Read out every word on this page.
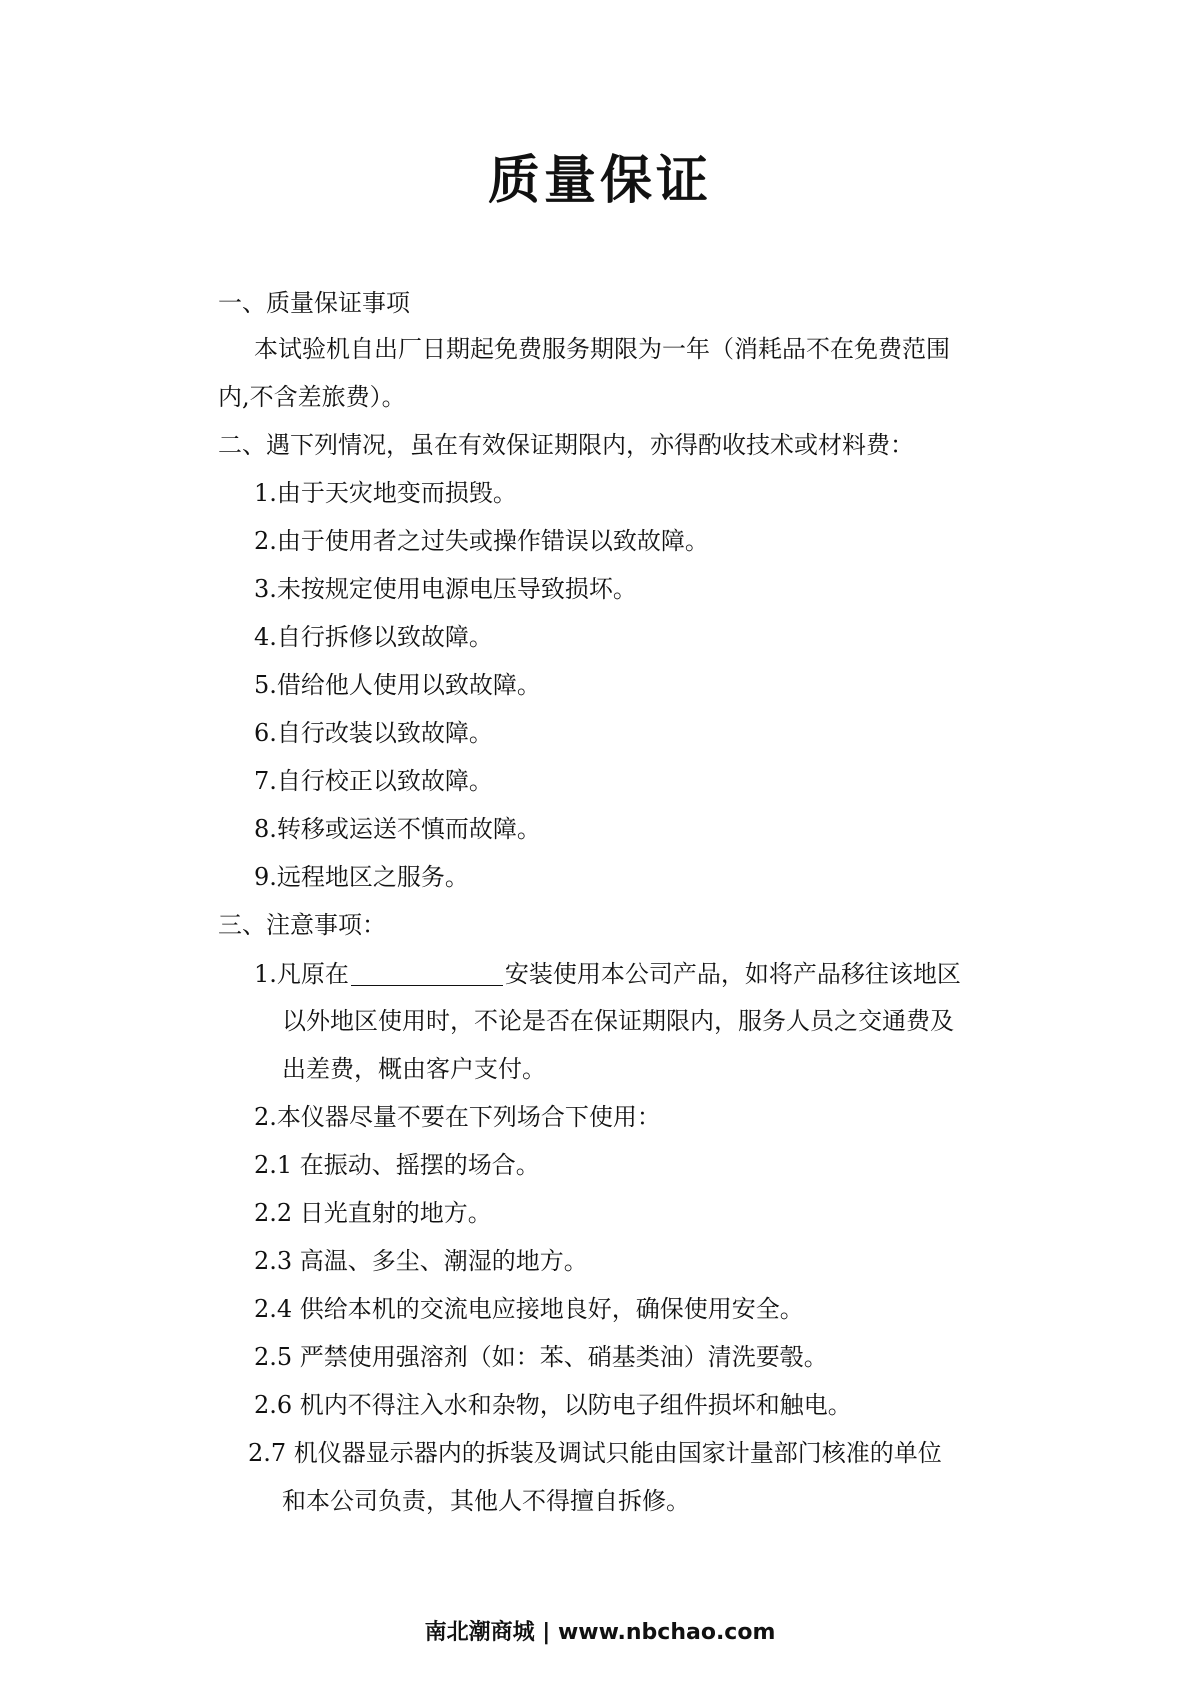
质量保证
一、质量保证事项
本试验机自出厂日期起免费服务期限为一年（消耗品不在免费范围
内,不含差旅费）。
二、遇下列情况，虽在有效保证期限内，亦得酌收技术或材料费：
1.由于天灾地变而损毁。
2.由于使用者之过失或操作错误以致故障。
3.未按规定使用电源电压导致损坏。
4.自行拆修以致故障。
5.借给他人使用以致故障。
6.自行改装以致故障。
7.自行校正以致故障。
8.转移或运送不慎而故障。
9.远程地区之服务。
三、注意事项：
1.凡原在	安装使用本公司产品，如将产品移往该地区
以外地区使用时，不论是否在保证期限内，服务人员之交通费及
出差费，概由客户支付。
2.本仪器尽量不要在下列场合下使用：
2.1 在振动、摇摆的场合。
2.2 日光直射的地方。
2.3 高温、多尘、潮湿的地方。
2.4 供给本机的交流电应接地良好，确保使用安全。
2.5 严禁使用强溶剂（如：苯、硝基类油）清洗要彀。
2.6 机内不得注入水和杂物，以防电子组件损坏和触电。
2.7 机仪器显示器内的拆装及调试只能由国家计量部门核准的单位
和本公司负责，其他人不得擅自拆修。
南北潮商城 | www.nbchao.com
